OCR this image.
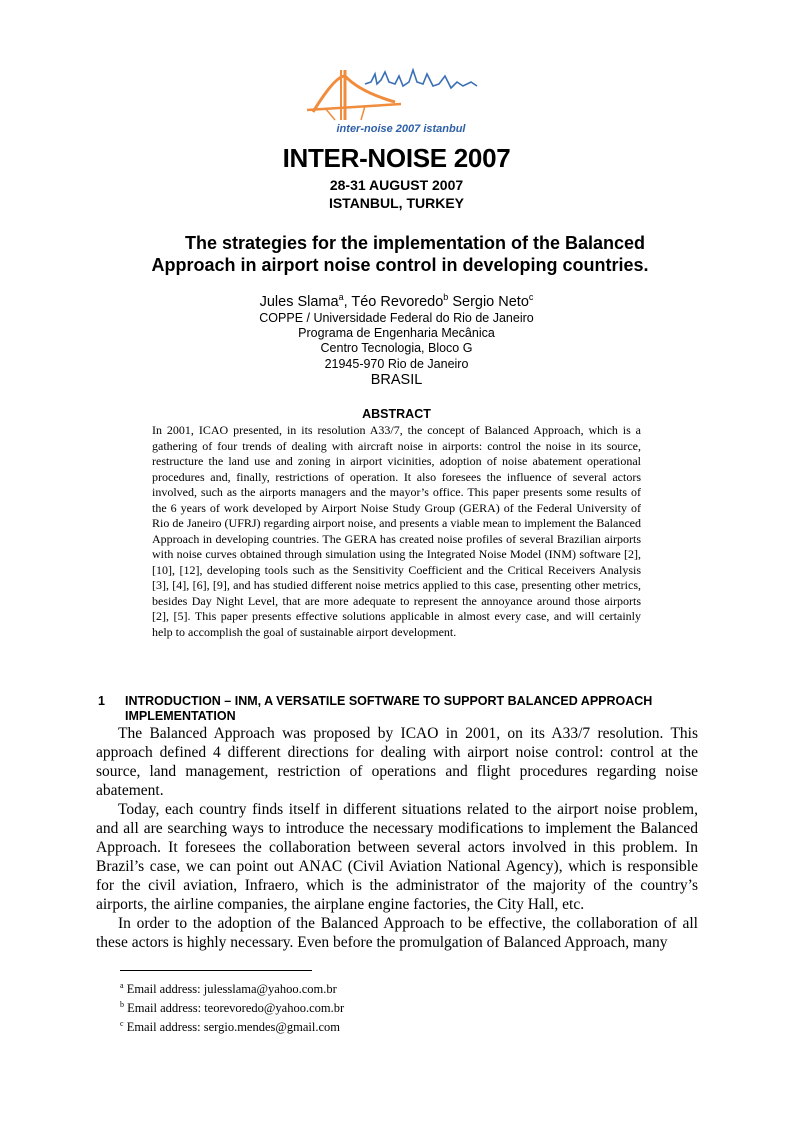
inter-noise 2007 istanbul
INTER-NOISE 2007
28-31 AUGUST 2007
ISTANBUL, TURKEY
The strategies for the implementation of the Balanced
Approach in airport noise control in developing countries.
Jules Slama$^a$, Téo Revoredo$^b$ Sergio Neto$^c$
COPPE / Universidade Federal do Rio de Janeiro
Programa de Engenharia Mecânica
Centro Tecnologia, Bloco G
21945-970 Rio de Janeiro
BRASIL
ABSTRACT
In 2001, ICAO presented, in its resolution A33/7, the concept of Balanced Approach, which is a gathering of four trends of dealing with aircraft noise in airports: control the noise in its source, restructure the land use and zoning in airport vicinities, adoption of noise abatement operational procedures and, finally, restrictions of operation. It also foresees the influence of several actors involved, such as the airports managers and the mayor’s office. This paper presents some results of the 6 years of work developed by Airport Noise Study Group (GERA) of the Federal University of Rio de Janeiro (UFRJ) regarding airport noise, and presents a viable mean to implement the Balanced Approach in developing countries. The GERA has created noise profiles of several Brazilian airports with noise curves obtained through simulation using the Integrated Noise Model (INM) software [2], [10], [12], developing tools such as the Sensitivity Coefficient and the Critical Receivers Analysis [3], [4], [6], [9], and has studied different noise metrics applied to this case, presenting other metrics, besides Day Night Level, that are more adequate to represent the annoyance around those airports [2], [5]. This paper presents effective solutions applicable in almost every case, and will certainly help to accomplish the goal of sustainable airport development.
1 INTRODUCTION – INM, A VERSATILE SOFTWARE TO SUPPORT BALANCED APPROACH IMPLEMENTATION

The Balanced Approach was proposed by ICAO in 2001, on its A33/7 resolution. This approach defined 4 different directions for dealing with airport noise control: control at the source, land management, restriction of operations and flight procedures regarding noise abatement.

Today, each country finds itself in different situations related to the airport noise problem, and all are searching ways to introduce the necessary modifications to implement the Balanced Approach. It foresees the collaboration between several actors involved in this problem. In Brazil’s case, we can point out ANAC (Civil Aviation National Agency), which is responsible for the civil aviation, Infraero, which is the administrator of the majority of the country’s airports, the airline companies, the airplane engine factories, the City Hall, etc.

In order to the adoption of the Balanced Approach to be effective, the collaboration of all these actors is highly necessary. Even before the promulgation of Balanced Approach, many

$^a$ Email address: julesslama@yahoo.com.br
$^b$ Email address: teorevoredo@yahoo.com.br
$^c$ Email address: sergio.mendes@gmail.com
